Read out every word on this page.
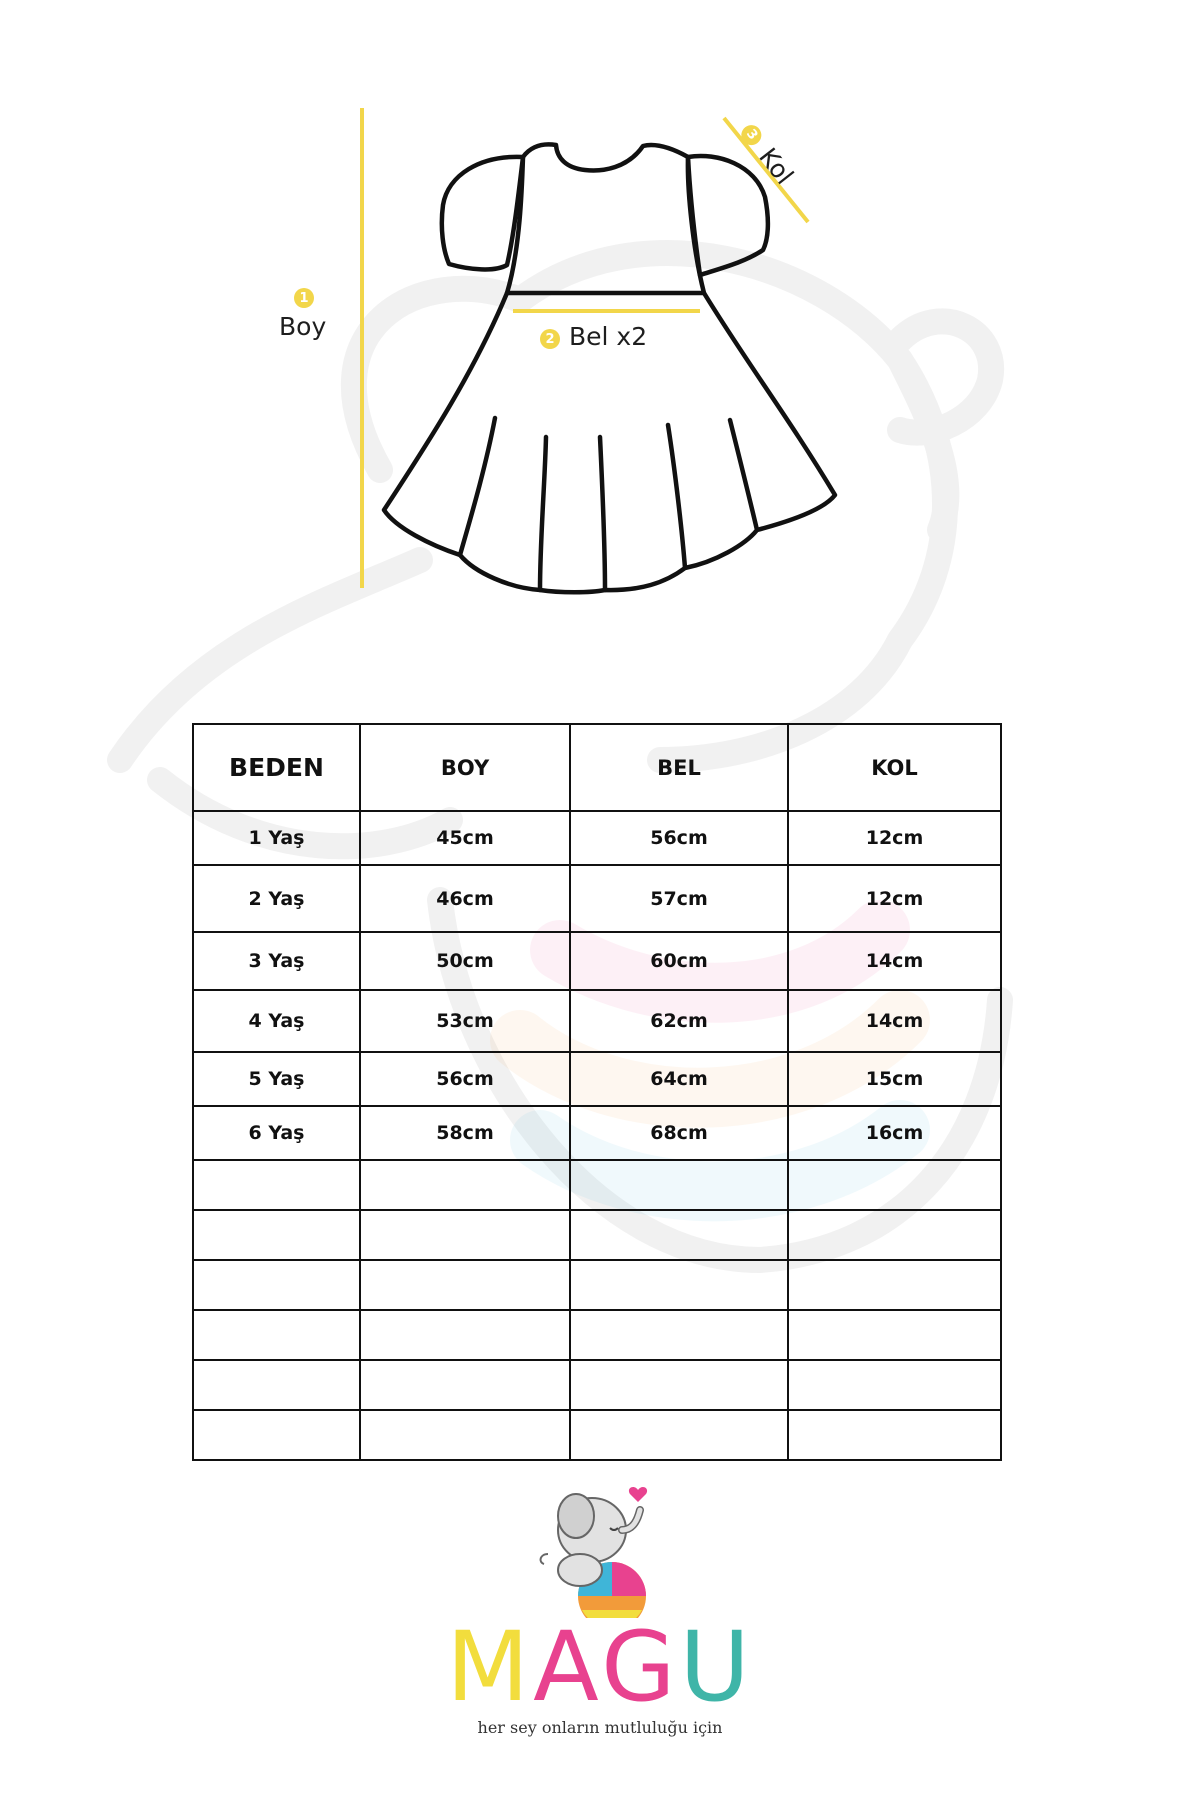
1
Boy	2 Bel x2
3 Kol
BEDEN	BOY	BEL	KOL
1 Yaş	45cm	56cm	12cm
2 Yaş	46cm	57cm	12cm
3 Yaş	50cm	60cm	14cm
4 Yaş	53cm	62cm	14cm
5 Yaş	56cm	64cm	15cm
6 Yaş	58cm	68cm	16cm

MAGU
her sey onların mutluluğu için
